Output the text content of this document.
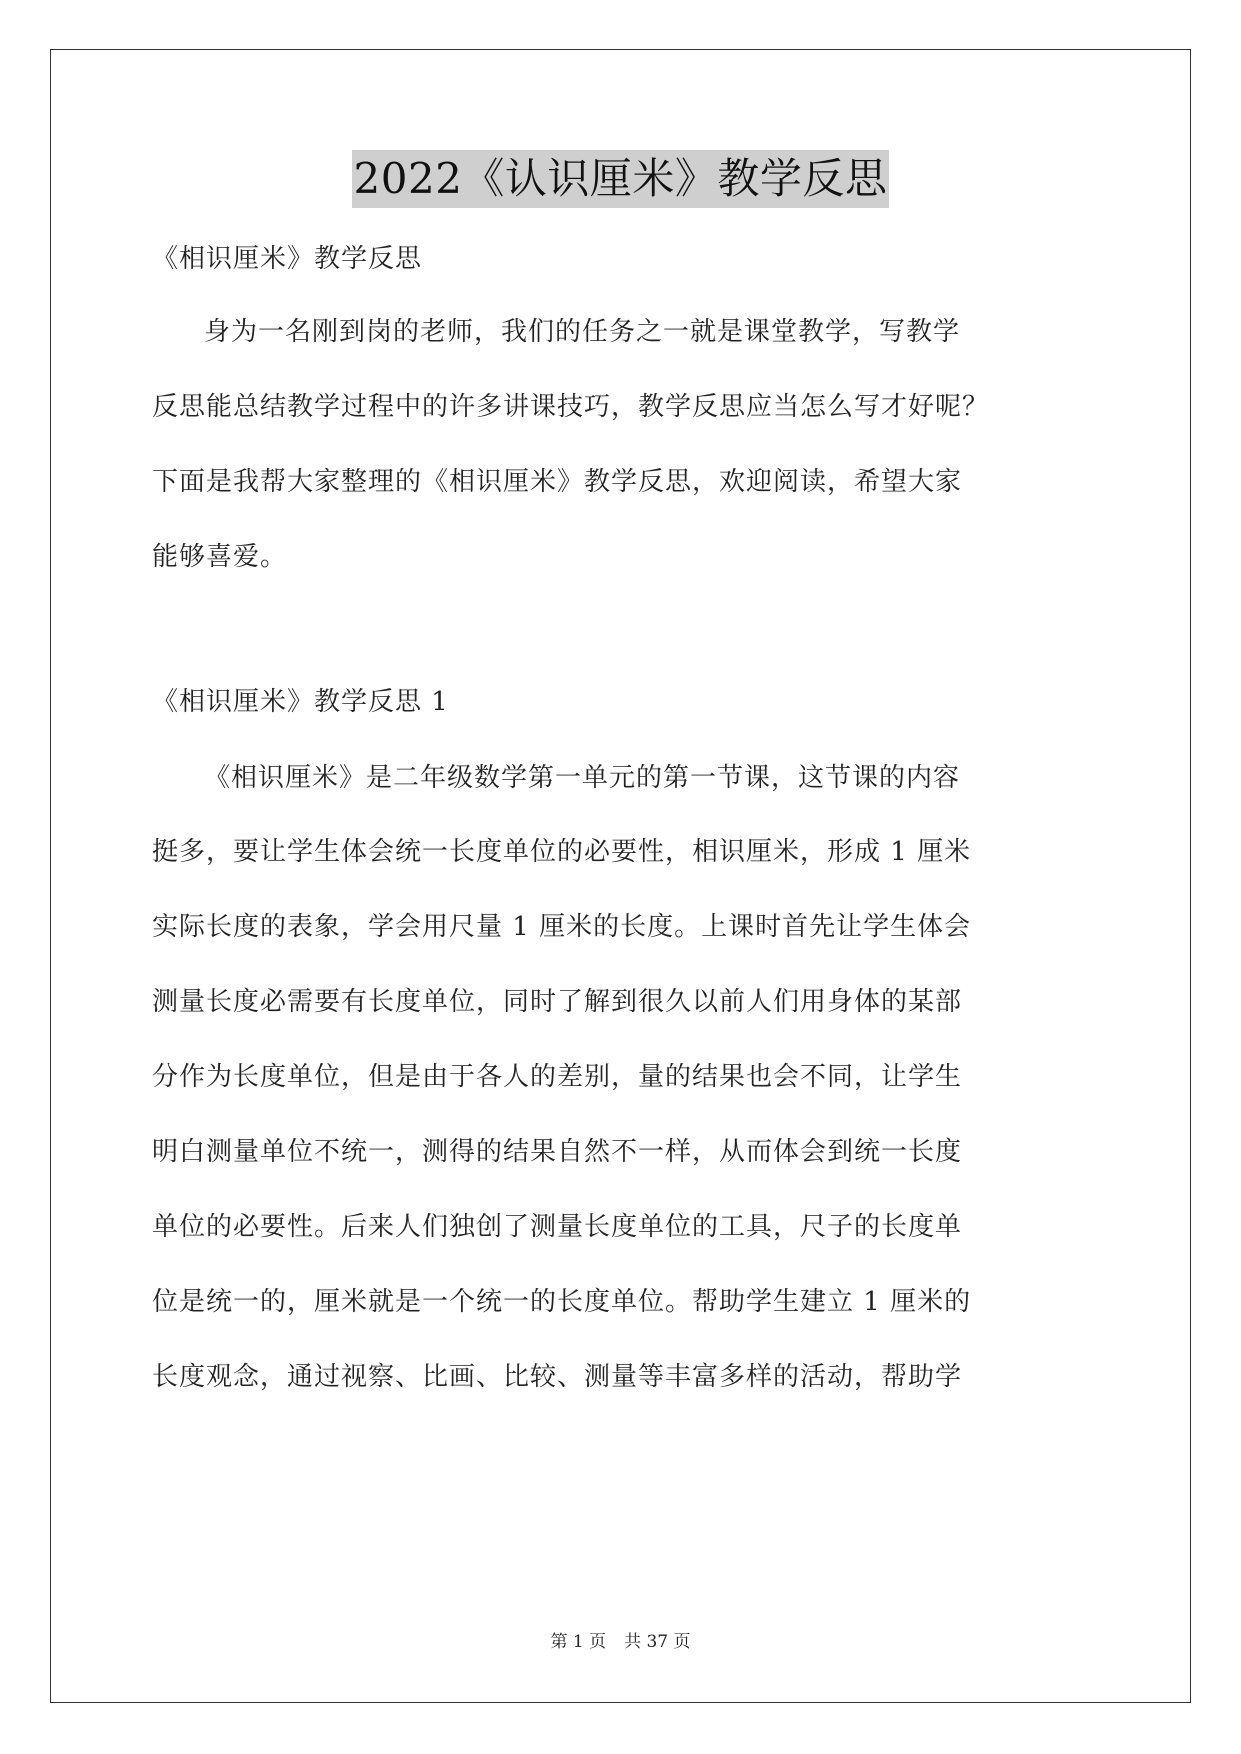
2022《认识厘米》教学反思
《相识厘米》教学反思
身为一名刚到岗的老师，我们的任务之一就是课堂教学，写教学
反思能总结教学过程中的许多讲课技巧，教学反思应当怎么写才好呢？
下面是我帮大家整理的《相识厘米》教学反思，欢迎阅读，希望大家
能够喜爱。
《相识厘米》教学反思 1
《相识厘米》是二年级数学第一单元的第一节课，这节课的内容
挺多，要让学生体会统一长度单位的必要性，相识厘米，形成 1 厘米
实际长度的表象，学会用尺量 1 厘米的长度。上课时首先让学生体会
测量长度必需要有长度单位，同时了解到很久以前人们用身体的某部
分作为长度单位，但是由于各人的差别，量的结果也会不同，让学生
明白测量单位不统一，测得的结果自然不一样，从而体会到统一长度
单位的必要性。后来人们独创了测量长度单位的工具，尺子的长度单
位是统一的，厘米就是一个统一的长度单位。帮助学生建立 1 厘米的
长度观念，通过视察、比画、比较、测量等丰富多样的活动，帮助学
第 1 页 共 37 页
